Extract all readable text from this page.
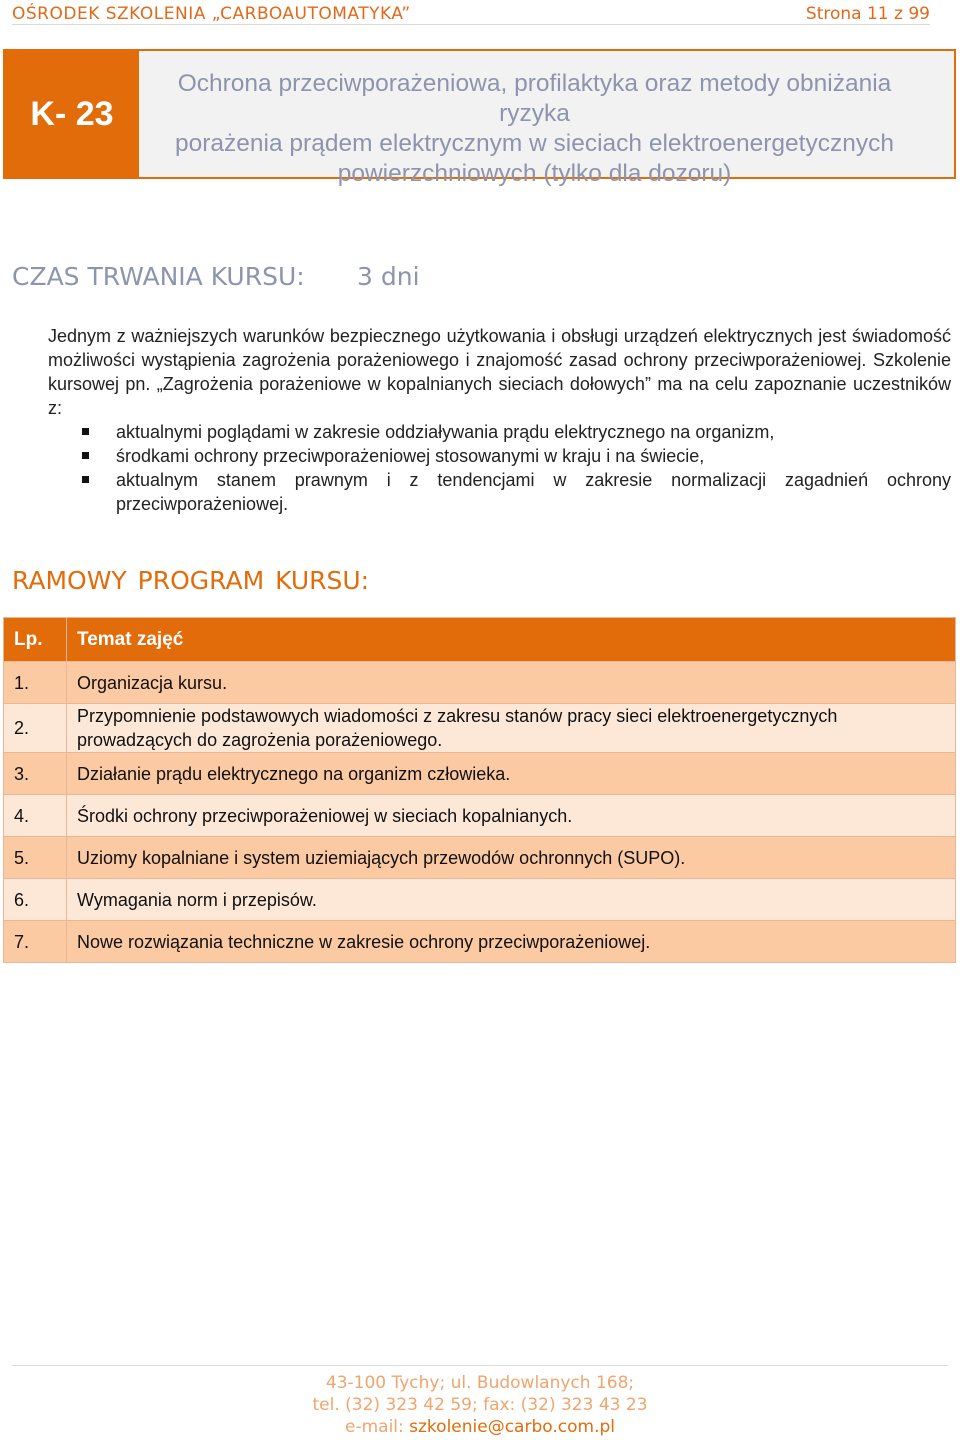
OŚRODEK SZKOLENIA „CARBOAUTOMATYKA”	Strona 11 z 99
K- 23
Ochrona przeciwporażeniowa, profilaktyka oraz metody obniżania ryzyka
porażenia prądem elektrycznym w sieciach elektroenergetycznych
powierzchniowych (tylko dla dozoru)
CZAS TRWANIA KURSU: 3 dni

Jednym z ważniejszych warunków bezpiecznego użytkowania i obsługi urządzeń elektrycznych jest świadomość możliwości wystąpienia zagrożenia porażeniowego i znajomość zasad ochrony przeciwporażeniowej. Szkolenie kursowej pn. „Zagrożenia porażeniowe w kopalnianych sieciach dołowych” ma na celu zapoznanie uczestników z:

aktualnymi poglądami w zakresie oddziaływania prądu elektrycznego na organizm,
środkami ochrony przeciwporażeniowej stosowanymi w kraju i na świecie,
aktualnym stanem prawnym i z tendencjami w zakresie normalizacji zagadnień ochrony przeciwporażeniowej.
RAMOWY PROGRAM KURSU:
Lp.	Temat zajęć
1.	Organizacja kursu.
2.	Przypomnienie podstawowych wiadomości z zakresu stanów pracy sieci elektroenergetycznych prowadzących do zagrożenia porażeniowego.
3.	Działanie prądu elektrycznego na organizm człowieka.
4.	Środki ochrony przeciwporażeniowej w sieciach kopalnianych.
5.	Uziomy kopalniane i system uziemiających przewodów ochronnych (SUPO).
6.	Wymagania norm i przepisów.
7.	Nowe rozwiązania techniczne w zakresie ochrony przeciwporażeniowej.
43-100 Tychy; ul. Budowlanych 168;
tel. (32) 323 42 59; fax: (32) 323 43 23
e-mail: szkolenie@carbo.com.pl
